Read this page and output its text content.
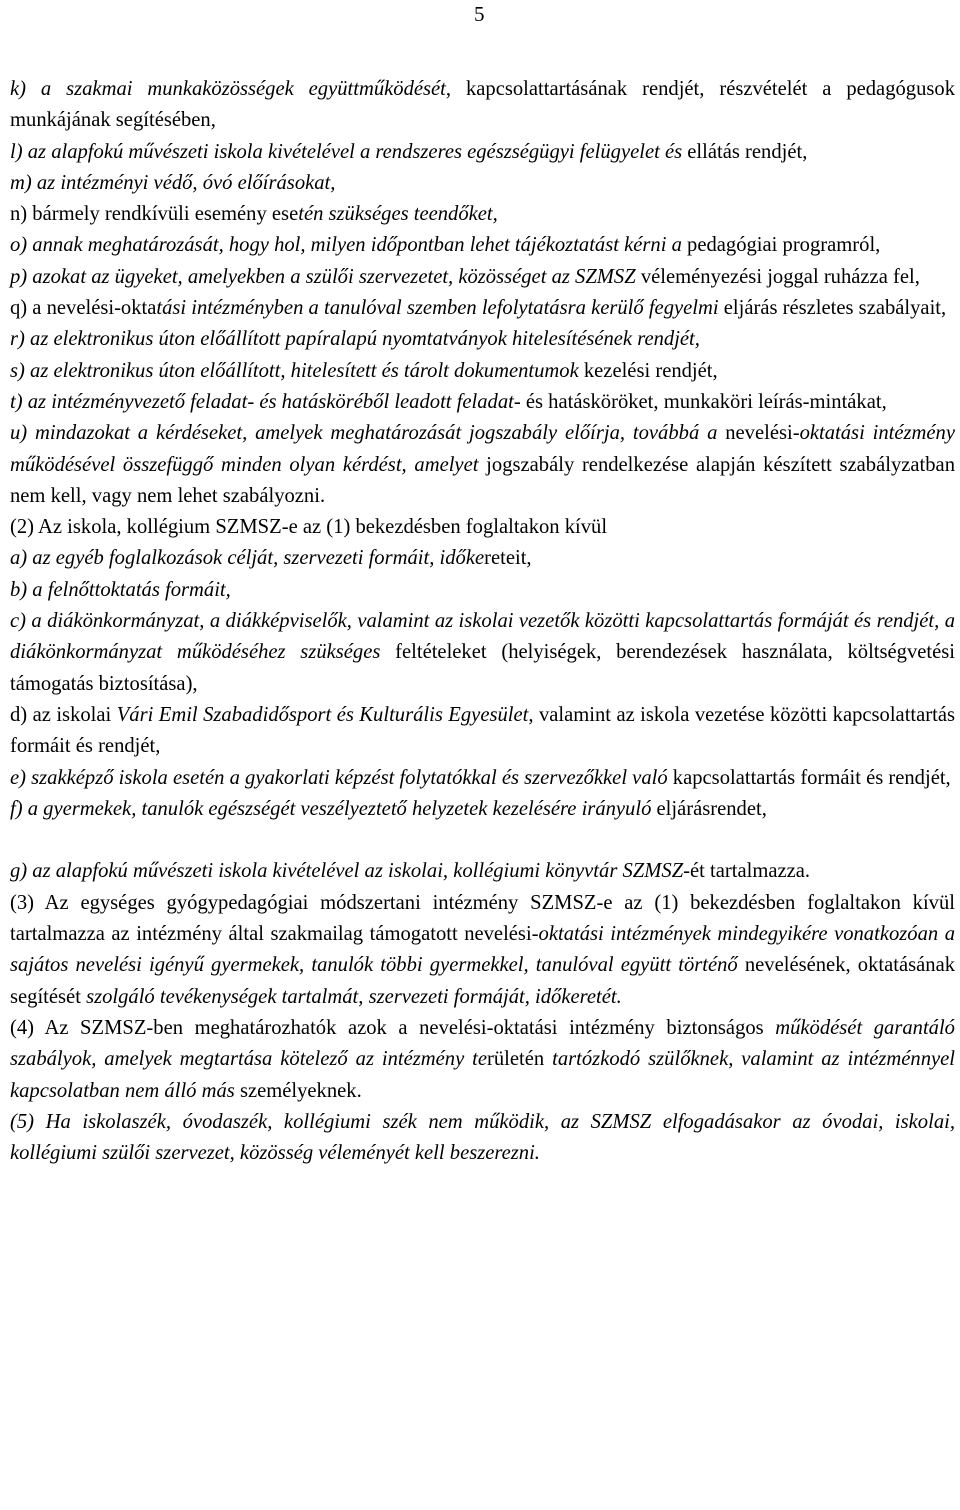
5

k) a szakmai munkaközösségek együttműködését, kapcsolattartásának rendjét, részvételét a pedagógusok munkájának segítésében,

l) az alapfokú művészeti iskola kivételével a rendszeres egészségügyi felügyelet és ellátás rendjét,

m) az intézményi védő, óvó előírásokat,

n) bármely rendkívüli esemény esetén szükséges teendőket,

o) annak meghatározását, hogy hol, milyen időpontban lehet tájékoztatást kérni a pedagógiai programról,

p) azokat az ügyeket, amelyekben a szülői szervezetet, közösséget az SZMSZ véleményezési joggal ruházza fel,

q) a nevelési-oktatási intézményben a tanulóval szemben lefolytatásra kerülő fegyelmi eljárás részletes szabályait,

r) az elektronikus úton előállított papíralapú nyomtatványok hitelesítésének rendjét,

s) az elektronikus úton előállított, hitelesített és tárolt dokumentumok kezelési rendjét,

t) az intézményvezető feladat- és hatásköréből leadott feladat- és hatásköröket, munkaköri leírás-mintákat,

u) mindazokat a kérdéseket, amelyek meghatározását jogszabály előírja, továbbá a nevelési-oktatási intézmény működésével összefüggő minden olyan kérdést, amelyet jogszabály rendelkezése alapján készített szabályzatban nem kell, vagy nem lehet szabályozni.

(2) Az iskola, kollégium SZMSZ-e az (1) bekezdésben foglaltakon kívül

a) az egyéb foglalkozások célját, szervezeti formáit, időkereteit,

b) a felnőttoktatás formáit,

c) a diákönkormányzat, a diákképviselők, valamint az iskolai vezetők közötti kapcsolattartás formáját és rendjét, a diákönkormányzat működéséhez szükséges feltételeket (helyiségek, berendezések használata, költségvetési támogatás biztosítása),

d) az iskolai Vári Emil Szabadidősport és Kulturális Egyesület, valamint az iskola vezetése közötti kapcsolattartás formáit és rendjét,

e) szakképző iskola esetén a gyakorlati képzést folytatókkal és szervezőkkel való kapcsolattartás formáit és rendjét,

f) a gyermekek, tanulók egészségét veszélyeztető helyzetek kezelésére irányuló eljárásrendet,

g) az alapfokú művészeti iskola kivételével az iskolai, kollégiumi könyvtár SZMSZ-ét tartalmazza.

(3) Az egységes gyógypedagógiai módszertani intézmény SZMSZ-e az (1) bekezdésben foglaltakon kívül tartalmazza az intézmény által szakmailag támogatott nevelési-oktatási intézmények mindegyikére vonatkozóan a sajátos nevelési igényű gyermekek, tanulók többi gyermekkel, tanulóval együtt történő nevelésének, oktatásának segítését szolgáló tevékenységek tartalmát, szervezeti formáját, időkeretét.

(4) Az SZMSZ-ben meghatározhatók azok a nevelési-oktatási intézmény biztonságos működését garantáló szabályok, amelyek megtartása kötelező az intézmény területén tartózkodó szülőknek, valamint az intézménnyel kapcsolatban nem álló más személyeknek.

(5) Ha iskolaszék, óvodaszék, kollégiumi szék nem működik, az SZMSZ elfogadásakor az óvodai, iskolai, kollégiumi szülői szervezet, közösség véleményét kell beszerezni.
